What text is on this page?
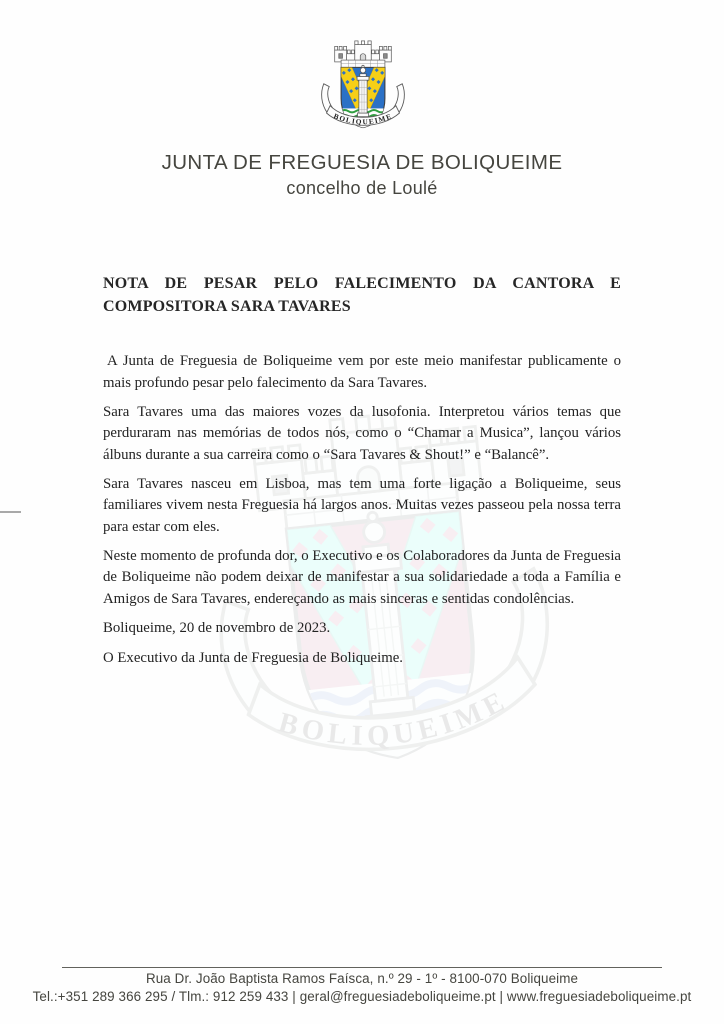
JUNTA DE FREGUESIA DE BOLIQUEIME
concelho de Loulé
NOTA DE PESAR PELO FALECIMENTO DA CANTORA E COMPOSITORA SARA TAVARES

A Junta de Freguesia de Boliqueime vem por este meio manifestar publicamente o mais profundo pesar pelo falecimento da Sara Tavares.

Sara Tavares uma das maiores vozes da lusofonia. Interpretou vários temas que perduraram nas memórias de todos nós, como o “Chamar a Musica”, lançou vários álbuns durante a sua carreira como o “Sara Tavares & Shout!” e “Balancê”.

Sara Tavares nasceu em Lisboa, mas tem uma forte ligação a Boliqueime, seus familiares vivem nesta Freguesia há largos anos. Muitas vezes passeou pela nossa terra para estar com eles.

Neste momento de profunda dor, o Executivo e os Colaboradores da Junta de Freguesia de Boliqueime não podem deixar de manifestar a sua solidariedade a toda a Família e Amigos de Sara Tavares, endereçando as mais sinceras e sentidas condolências.

Boliqueime, 20 de novembro de 2023.

O Executivo da Junta de Freguesia de Boliqueime.

Rua Dr. João Baptista Ramos Faísca, n.º 29 - 1º - 8100-070 Boliqueime
Tel.:+351 289 366 295 / Tlm.: 912 259 433 | geral@freguesiadeboliqueime.pt | www.freguesiadeboliqueime.pt
